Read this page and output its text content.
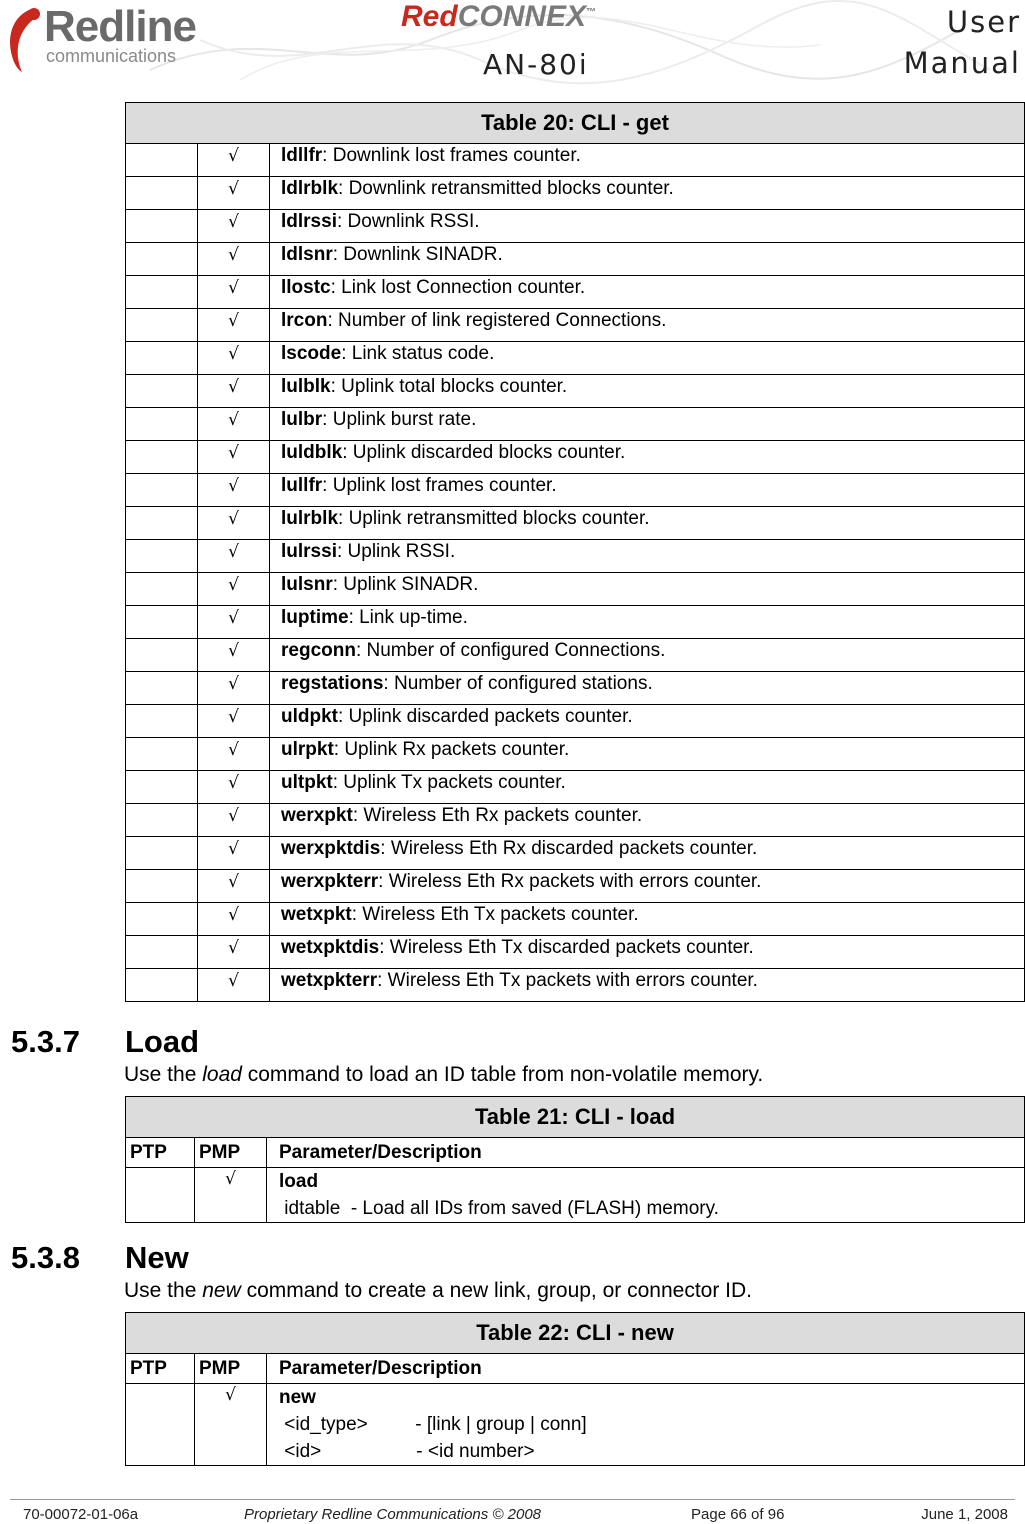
Redline
communications
RedCONNEX™
AN-80i
User
Manual
Table 20: CLI - get		
	√	ldllfr: Downlink lost frames counter.
	√	ldlrblk: Downlink retransmitted blocks counter.
	√	ldlrssi: Downlink RSSI.
	√	ldlsnr: Downlink SINADR.
	√	llostc: Link lost Connection counter.
	√	lrcon: Number of link registered Connections.
	√	lscode: Link status code.
	√	lulblk: Uplink total blocks counter.
	√	lulbr: Uplink burst rate.
	√	luldblk: Uplink discarded blocks counter.
	√	lullfr: Uplink lost frames counter.
	√	lulrblk: Uplink retransmitted blocks counter.
	√	lulrssi: Uplink RSSI.
	√	lulsnr: Uplink SINADR.
	√	luptime: Link up-time.
	√	regconn: Number of configured Connections.
	√	regstations: Number of configured stations.
	√	uldpkt: Uplink discarded packets counter.
	√	ulrpkt: Uplink Rx packets counter.
	√	ultpkt: Uplink Tx packets counter.
	√	werxpkt: Wireless Eth Rx packets counter.
	√	werxpktdis: Wireless Eth Rx discarded packets counter.
	√	werxpkterr: Wireless Eth Rx packets with errors counter.
	√	wetxpkt: Wireless Eth Tx packets counter.
	√	wetxpktdis: Wireless Eth Tx discarded packets counter.
	√	wetxpkterr: Wireless Eth Tx packets with errors counter.
5.3.7 Load
Use the load command to load an ID table from non-volatile memory.
Table 21: CLI - load		
PTP	PMP	Parameter/Description
	√	load
idtable  - Load all IDs from saved (FLASH) memory.
5.3.8 New
Use the new command to create a new link, group, or connector ID.
Table 22: CLI - new		
PTP	PMP	Parameter/Description
	√	new
<id_type>         - [link | group | conn]
<id>                  - <id number>
70-00072-01-06a	Proprietary Redline Communications © 2008	Page 66 of 96	June 1, 2008
